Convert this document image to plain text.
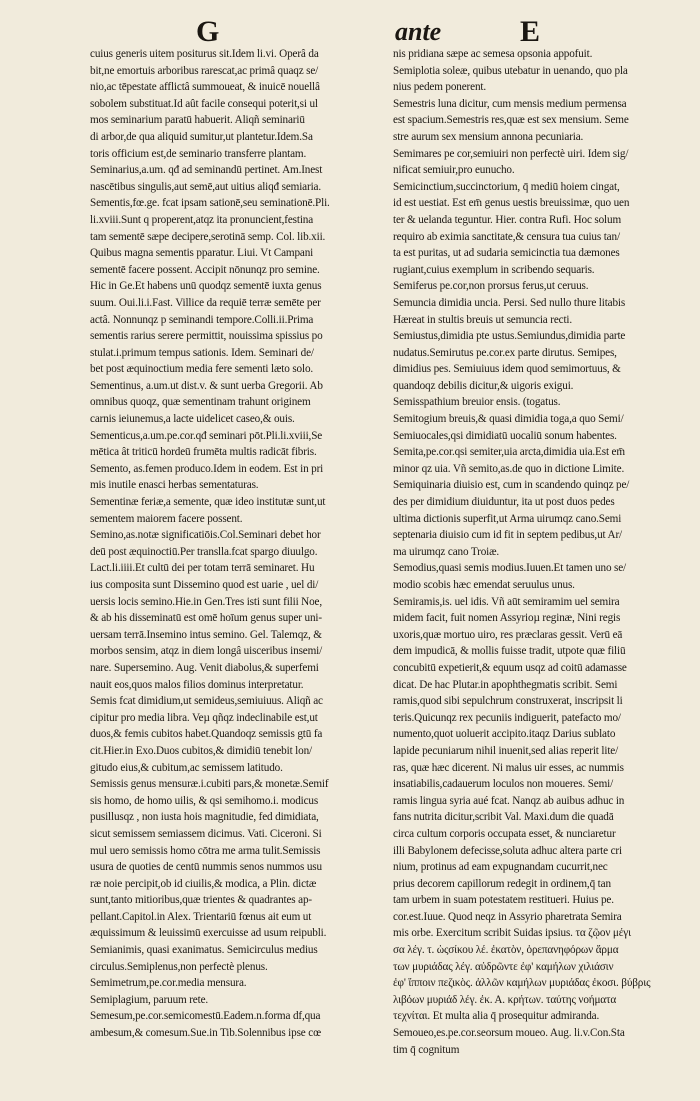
G	ante	E
cuius generis uitem positurus sit.Idem li.vi. Operâ da
bit,ne emortuis arboribus rarescat,ac primâ quaqz se/
nio,ac tēpestate afflictâ summoueat, & inuicē nouellâ
sobolem substituat.Id aût facile consequi poterit,si ul
mos seminarium paratū habuerit. Aliqñ seminariū
di arbor,de qua aliquid sumitur,ut plantetur.Idem.Sa
toris officium est,de seminario transferre plantam.
Seminarius,a.um. qđ ad seminandū pertinet. Am.Inest
nascētibus singulis,aut semē,aut uitius aliqđ semiaria.
Sementis,fœ.ge. fcat ipsam sationē,seu seminationē.Pli.
li.xviii.Sunt q properent,atqz ita pronuncient,festina
tam sementē sæpe decipere,serotinā semp. Col. lib.xii.
Quibus magna sementis pparatur. Liui. Vt Campani
sementē facere possent. Accipit nōnunqz pro semine.
Hic in Ge.Et habens unū quodqz sementē iuxta genus
suum. Oui.li.i.Fast. Villice da requiē terræ semēte per
actâ. Nonnunqz p seminandi tempore.Colli.ii.Prima
sementis rarius serere permittit, nouissima spissius po
stulat.i.primum tempus sationis. Idem. Seminari de/
bet post æquinoctium media fere sementi læto solo.
Sementinus, a.um.ut dist.v. & sunt uerba Gregorii. Ab
omnibus quoqz, quæ sementinam trahunt originem
carnis ieiunemus,a lacte uidelicet caseo,& ouis.
Sementicus,a.um.pe.cor.qđ seminari pōt.Pli.li.xviii,Se
mētica ât triticū hordeū frumēta multis radicāt fibris.
Semento, as.femen produco.Idem in eodem. Est in pri
mis inutile enasci herbas sementaturas.
Sementinæ feriæ,a semente, quæ ideo institutæ sunt,ut
sementem maiorem facere possent.
Semino,as.notæ significatiōis.Col.Seminari debet hor
deū post æquinoctiū.Per translla.fcat spargo diuulgo.
Lact.li.iiii.Et cultū dei per totam terrā seminaret. Hu
ius composita sunt Dissemino quod est uarie , uel di/
uersis locis semino.Hie.in Gen.Tres isti sunt filii Noe,
& ab his disseminatū est omē hoīum genus super uni-
uersam terrā.Insemino intus semino. Gel. Talemqz, &
morbos sensim, atqz in diem longâ uisceribus insemi/
nare. Supersemino. Aug. Venit diabolus,& superfemi
nauit eos,quos malos filios dominus interpretatur.
Semis fcat dimidium,ut semideus,semiuiuus. Aliqñ ac
cipitur pro media libra. Veµ qñqz indeclinabile est,ut
duos,& femis cubitos habet.Quandoqz semissis gtū fa
cit.Hier.in Exo.Duos cubitos,& dimidiū tenebit lon/
gitudo eius,& cubitum,ac semissem latitudo.
Semissis genus mensuræ.i.cubiti pars,& monetæ.Semif
sis homo, de homo uilis, & qsi semihomo.i. modicus
pusillusqz , non iusta hois magnitudie, fed dimidiata,
sicut semissem semiassem dicimus. Vati. Ciceroni. Si
mul uero semissis homo cōtra me arma tulit.Semissis
usura de quoties de centū nummis senos nummos usu
ræ noie percipit,ob id ciuilis,& modica, a Plin. dictæ
sunt,tanto mitioribus,quæ trientes & quadrantes ap-
pellant.Capitol.in Alex. Trientariū fœnus ait eum ut
æquissimum & leuissimū exercuisse ad usum reipubli.
Semianimis, quasi exanimatus. Semicirculus medius
circulus.Semiplenus,non perfectè plenus.
Semimetrum,pe.cor.media mensura.
Semiplagium, paruum rete.
Semesum,pe.cor.semicomestū.Eadem.n.forma df,qua
ambesum,& comesum.Sue.in Tib.Solennibus ipse cœ
nis pridiana sæpe ac semesa opsonia appofuit.
Semiplotia soleæ, quibus utebatur in uenando, quo pla
nius pedem ponerent.
Semestris luna dicitur, cum mensis medium permensa
est spacium.Semestris res,quæ est sex mensium. Seme
stre aurum sex mensium annona pecuniaria.
Semimares pe cor,semiuiri non perfectè uiri. Idem sig/
nificat semiuir,pro eunucho.
Semicinctium,succinctorium, q̄ mediū hoiem cingat,
id est uestiat. Est em̄ genus uestis breuissimæ, quo uen
ter & uelanda teguntur. Hier. contra Rufi. Hoc solum
requiro ab eximia sanctitate,& censura tua cuius tan/
ta est puritas, ut ad sudaria semicinctia tua dæmones
rugiant,cuius exemplum in scribendo sequaris.
Semiferus pe.cor,non prorsus ferus,ut ceruus.
Semuncia dimidia uncia. Persi. Sed nullo thure litabis
Hæreat in stultis breuis ut semuncia recti.
Semiustus,dimidia pte ustus.Semiundus,dimidia parte
nudatus.Semirutus pe.cor.ex parte dirutus. Semipes,
dimidius pes. Semiuiuus idem quod semimortuus, &
quandoqz debilis dicitur,& uigoris exigui.
Semisspathium breuior ensis. (togatus.
Semitogium breuis,& quasi dimidia toga,a quo Semi/
Semiuocales,qsi dimidiatū uocaliū sonum habentes.
Semita,pe.cor.qsi semiter,uia arcta,dimidia uia.Est em̄
minor qz uia. Vñ semito,as.de quo in dictione Limite.
Semiquinaria diuisio est, cum in scandendo quinqz pe/
des per dimidium diuiduntur, ita ut post duos pedes
ultima dictionis superfit,ut Arma uirumqz cano.Semi
septenaria diuisio cum id fit in septem pedibus,ut Ar/
ma uirumqz cano Troiæ.
Semodius,quasi semis modius.Iuuen.Et tamen uno se/
modio scobis hæc emendat seruulus unus.
Semiramis,is. uel idis. Vñ aūt semiramim uel semira
midem facit, fuit nomen Assyrioµ reginæ, Nini regis
uxoris,quæ mortuo uiro, res præclaras gessit. Verū eā
dem impudicā, & mollis fuisse tradit, utpote quæ filiū
concubitū expetierit,& equum usqz ad coitū adamasse
dicat. De hac Plutar.in apophthegmatis scribit. Semi
ramis,quod sibi sepulchrum construxerat, inscripsit li
teris.Quicunqz rex pecuniis indiguerit, patefacto mo/
numento,quot uoluerit accipito.itaqz Darius sublato
lapide pecuniarum nihil inuenit,sed alias reperit lite/
ras, quæ hæc dicerent. Ni malus uir esses, ac nummis
insatiabilis,cadauerum loculos non moueres. Semi/
ramis lingua syria aué fcat. Nanqz ab auibus adhuc in
fans nutrita dicitur,scribit Val. Maxi.dum die quadā
circa cultum corporis occupata esset, & nunciaretur
illi Babylonem defecisse,soluta adhuc altera parte cri
nium, protinus ad eam expugnandam cucurrit,nec
prius decorem capillorum redegit in ordinem,q̄ tan
tam urbem in suam potestatem restitueri. Huius pe.
cor.est.Iuue. Quod neqz in Assyrio pharetrata Semira
mis orbe. Exercitum scribit Suidas ipsius. τα ζῷον μέγι
σα λέγ. τ. ὡςσίκου λέ. ἐκατὸν, ὁρεπανηφόρων ἅρμα
των μυριάδας λέγ. αὐδρῶντε ἐφ' καμήλων χιλιάσιν
ἐφ' ἵπποιν πεζικὸς. ἀλλῶν καμήλων μυριάδας ἐκοσι. βύβρις
λιβόων μυριάδ λέγ. ἐκ. Α. κρήτων. ταύτης νοήματα
τεχνίται. Et multa alia q̄ prosequitur admiranda.
Semoueo,es.pe.cor.seorsum moueo. Aug. li.v.Con.Sta
tim q̄ cognitum
